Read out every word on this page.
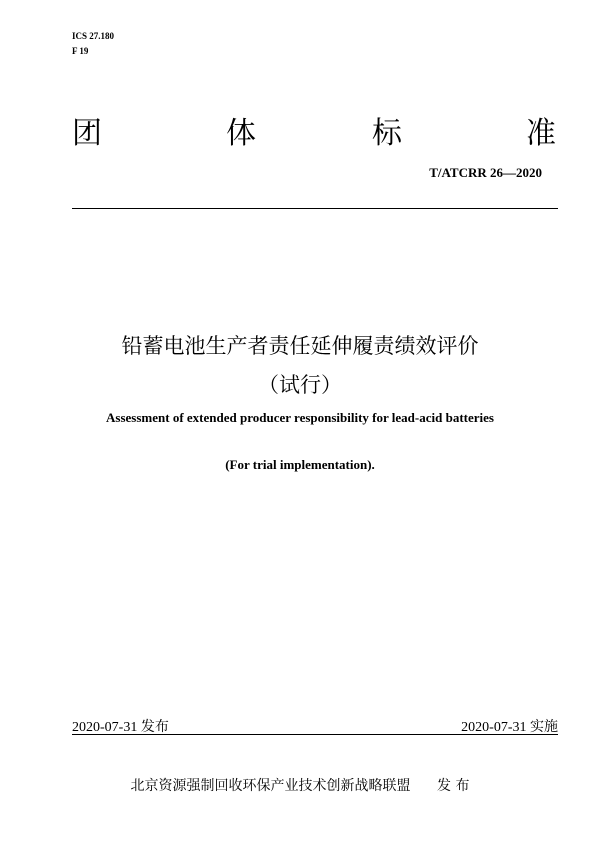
ICS 27.180
F 19
团	体	标	准
T/ATCRR 26—2020
铅蓄电池生产者责任延伸履责绩效评价
（试行）
Assessment of extended producer responsibility for lead-acid batteries
(For trial implementation).
2020-07-31 发布	2020-07-31 实施
北京资源强制回收环保产业技术创新战略联盟 发 布
